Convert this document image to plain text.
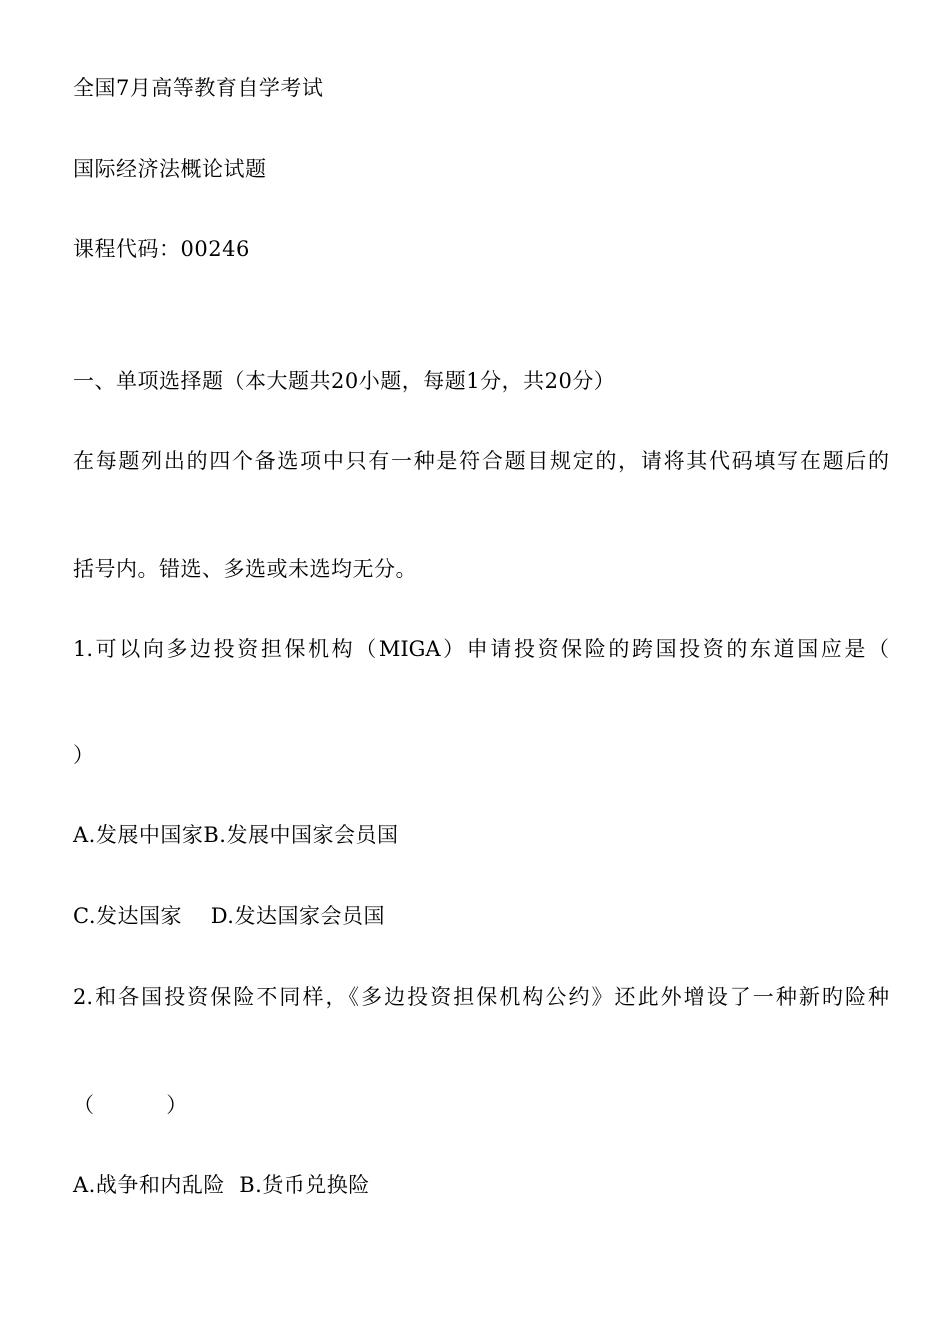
全国7月高等教育自学考试
国际经济法概论试题
课程代码：00246
一、单项选择题（本大题共20小题，每题1分，共20分）
在每题列出的四个备选项中只有一种是符合题目规定的，请将其代码填写在题后的
括号内。错选、多选或未选均无分。
1.可以向多边投资担保机构（MIGA）申请投资保险的跨国投资的东道国应是（
）
A.发展中国家B.发展中国家会员国
C.发达国家    D.发达国家会员国
2.和各国投资保险不同样，《多边投资担保机构公约》还此外增设了一种新旳险种
（          ）
A.战争和内乱险  B.货币兑换险
